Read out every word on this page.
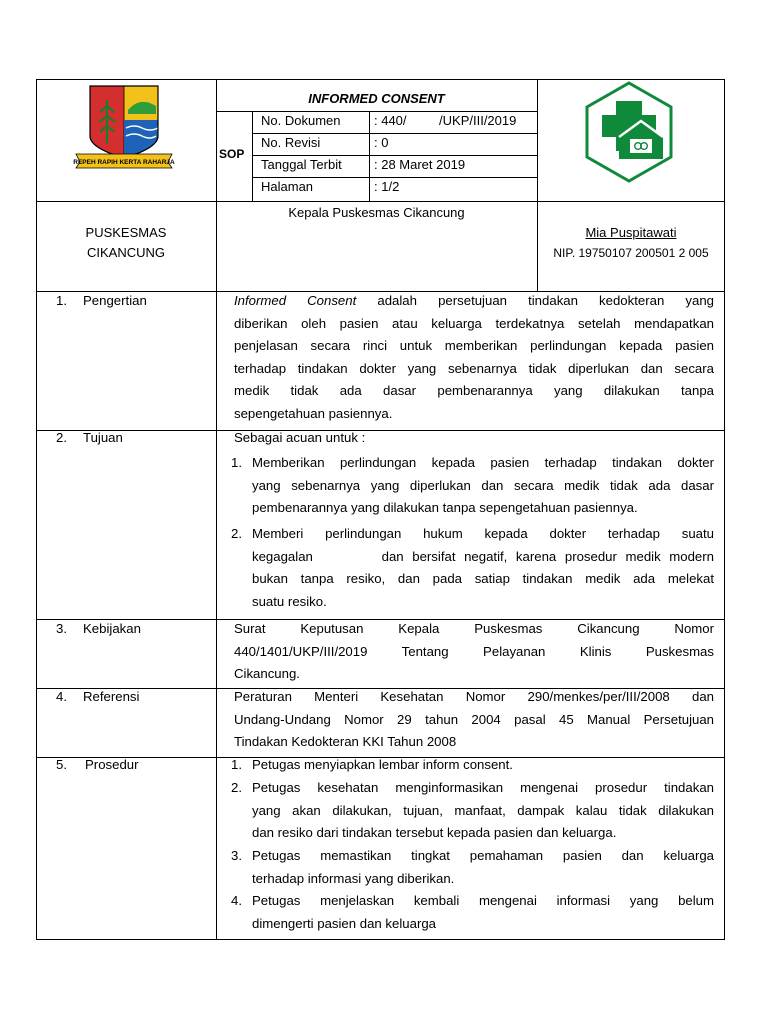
REPEH RAPIH KERTA RAHARJA
INFORMED CONSENT
SOP
No. Dokumen	: 440/         /UKP/III/2019
No. Revisi	: 0
Tanggal Terbit : 28 Maret 2019
Halaman	: 1/2
PUSKESMAS
CIKANCUNG
Kepala Puskesmas Cikancung
Mia Puspitawati
NIP. 19750107 200501 2 005
1. Pengertian	Informed Consent adalah persetujuan tindakan kedokteran yang
diberikan oleh pasien atau keluarga terdekatnya setelah mendapatkan
penjelasan secara rinci untuk memberikan perlindungan kepada pasien
terhadap tindakan dokter yang sebenarnya tidak diperlukan dan secara
medik tidak ada dasar pembenarannya yang dilakukan tanpa
sepengetahuan pasiennya.
2. Tujuan	Sebagai acuan untuk :
1. Memberikan perlindungan kepada pasien terhadap tindakan dokter
yang sebenarnya yang diperlukan dan secara medik tidak ada dasar
pembenarannya yang dilakukan tanpa sepengetahuan pasiennya.
2. Memberi perlindungan hukum kepada dokter terhadap suatu
kegagalan        dan bersifat negatif, karena prosedur medik modern
bukan tanpa resiko, dan pada satiap tindakan medik ada melekat
suatu resiko.
3. Kebijakan	Surat Keputusan Kepala Puskesmas Cikancung Nomor
440/1401/UKP/III/2019 Tentang Pelayanan Klinis Puskesmas
Cikancung.
4. Referensi	Peraturan Menteri Kesehatan Nomor 290/menkes/per/III/2008 dan
Undang-Undang Nomor 29 tahun 2004 pasal 45 Manual Persetujuan
Tindakan Kedokteran KKI Tahun 2008
5. Prosedur	1. Petugas menyiapkan lembar inform consent.
2. Petugas kesehatan menginformasikan mengenai prosedur tindakan
yang akan dilakukan, tujuan, manfaat, dampak kalau tidak dilakukan
dan resiko dari tindakan tersebut kepada pasien dan keluarga.
3. Petugas memastikan tingkat pemahaman pasien dan keluarga
terhadap informasi yang diberikan.
4. Petugas menjelaskan kembali mengenai informasi yang belum
dimengerti pasien dan keluarga
